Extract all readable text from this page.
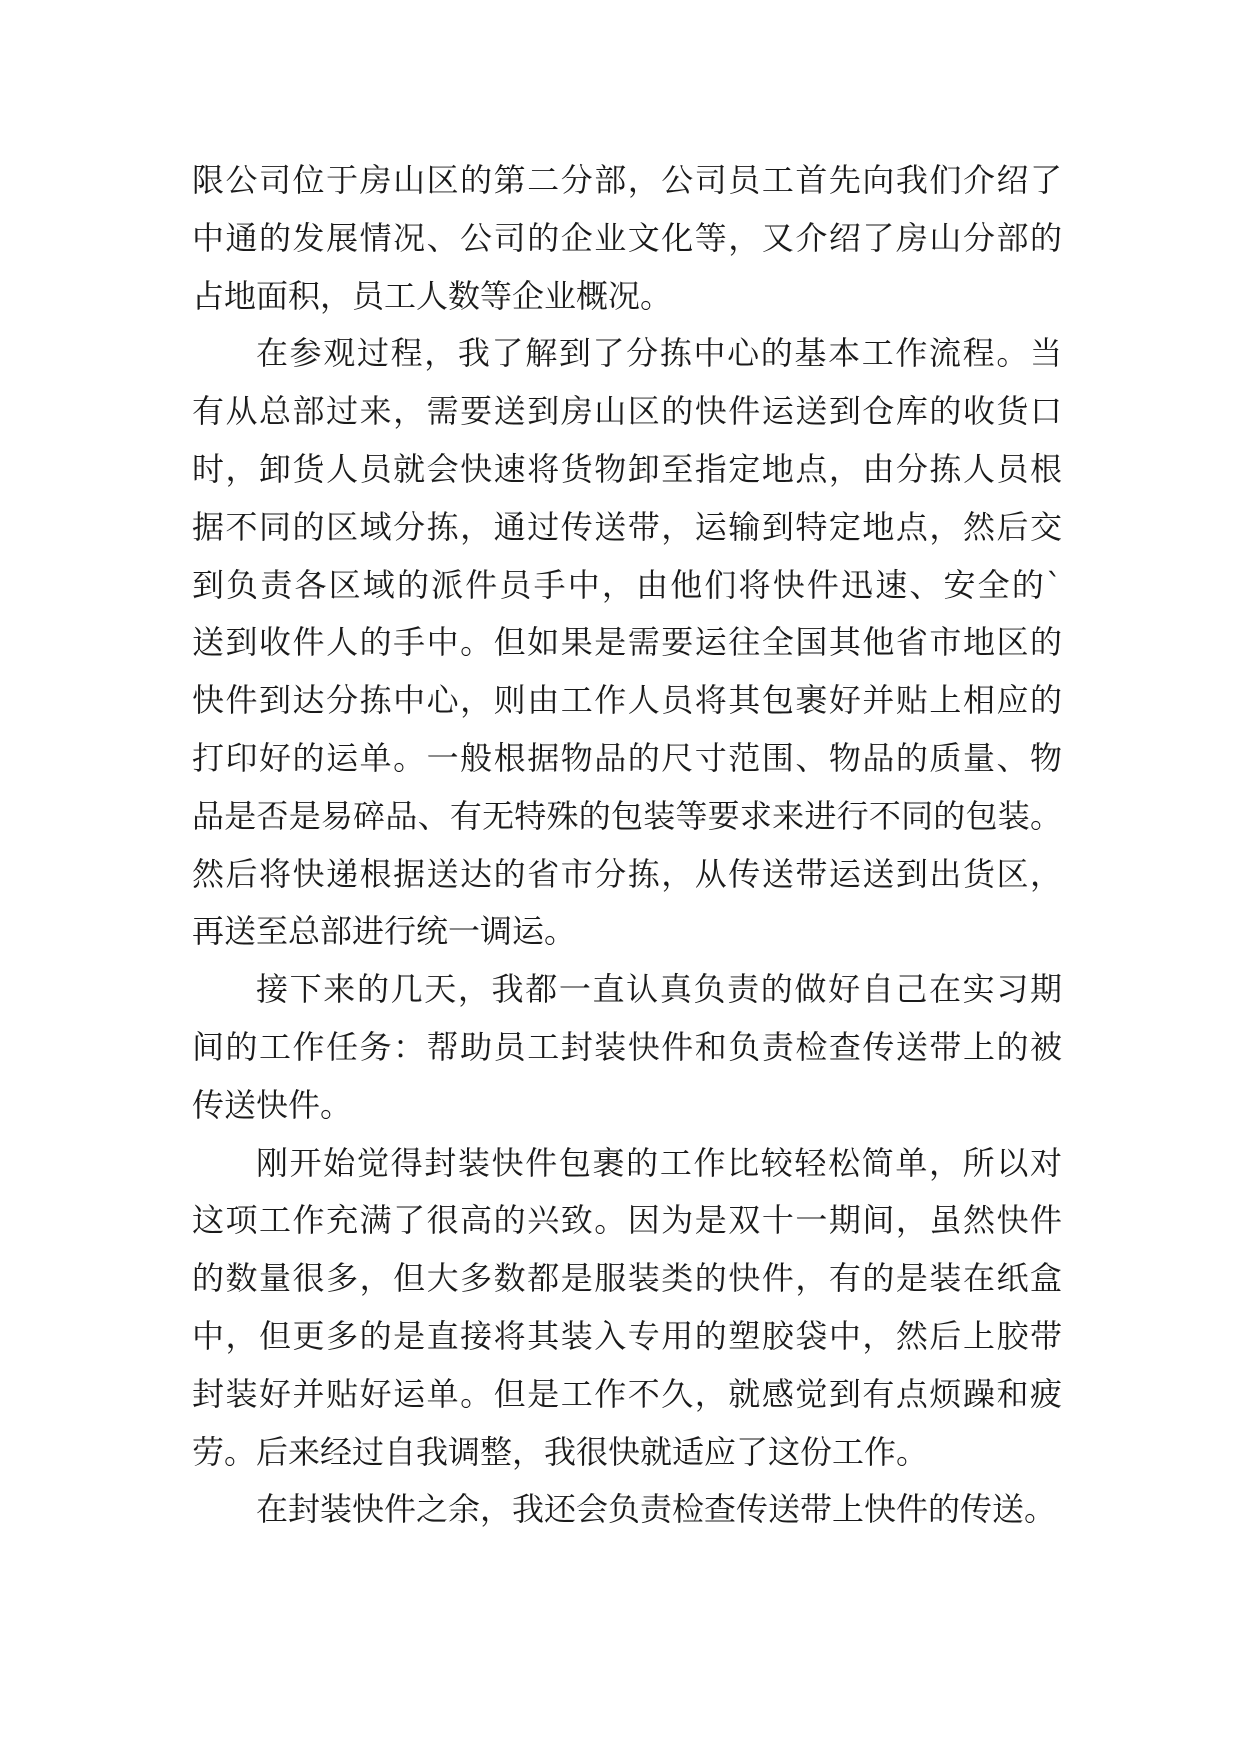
限公司位于房山区的第二分部，公司员工首先向我们介绍了
中通的发展情况、公司的企业文化等，又介绍了房山分部的
占地面积，员工人数等企业概况。
在参观过程，我了解到了分拣中心的基本工作流程。当
有从总部过来，需要送到房山区的快件运送到仓库的收货口
时，卸货人员就会快速将货物卸至指定地点，由分拣人员根
据不同的区域分拣，通过传送带，运输到特定地点，然后交
到负责各区域的派件员手中，由他们将快件迅速、安全的`
送到收件人的手中。但如果是需要运往全国其他省市地区的
快件到达分拣中心，则由工作人员将其包裹好并贴上相应的
打印好的运单。一般根据物品的尺寸范围、物品的质量、物
品是否是易碎品、有无特殊的包装等要求来进行不同的包装。
然后将快递根据送达的省市分拣，从传送带运送到出货区，
再送至总部进行统一调运。
接下来的几天，我都一直认真负责的做好自己在实习期
间的工作任务：帮助员工封装快件和负责检查传送带上的被
传送快件。
刚开始觉得封装快件包裹的工作比较轻松简单，所以对
这项工作充满了很高的兴致。因为是双十一期间，虽然快件
的数量很多，但大多数都是服装类的快件，有的是装在纸盒
中，但更多的是直接将其装入专用的塑胶袋中，然后上胶带
封装好并贴好运单。但是工作不久，就感觉到有点烦躁和疲
劳。后来经过自我调整，我很快就适应了这份工作。
在封装快件之余，我还会负责检查传送带上快件的传送。
